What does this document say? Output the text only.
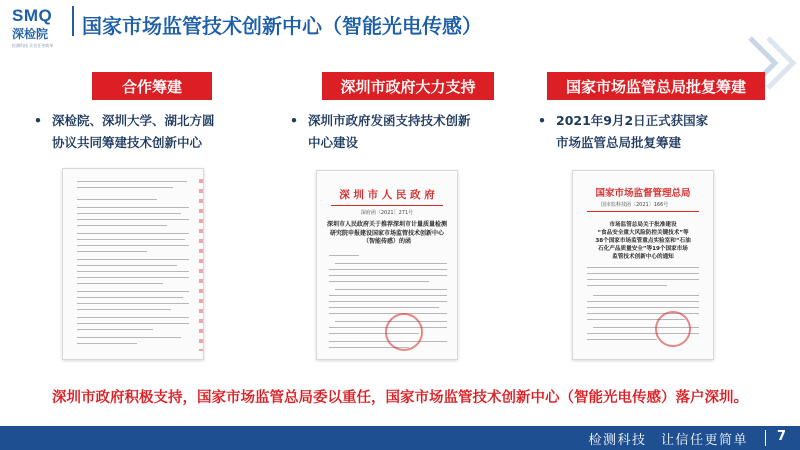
SMQ
深检院
检测科技 让信任更简单
国家市场监管技术创新中心（智能光电传感）
合作筹建
• 深检院、深圳大学、湖北方圆
协议共同筹建技术创新中心
深圳市政府大力支持
• 深圳市政府发函支持技术创新
中心建设
国家市场监管总局批复筹建
• 2021年9月2日正式获国家
市场监管总局批复筹建
深 圳 市 人 民 政 府
深府函〔2021〕271号
深圳市人民政府关于推荐深圳市计量质量检测
研究院申报建设国家市场监管技术创新中心
（智能传感）的函
国家市场监督管理总局
国市监科技函〔2021〕166号
市场监管总局关于批准建设
“食品安全重大风险防控关键技术”等
38个国家市场监管重点实验室和“石油
石化产品质量安全”等19个国家市场
监管技术创新中心的通知
深圳市政府积极支持，国家市场监管总局委以重任，国家市场监管技术创新中心（智能光电传感）落户深圳。
检测科技　让信任更简单 7
